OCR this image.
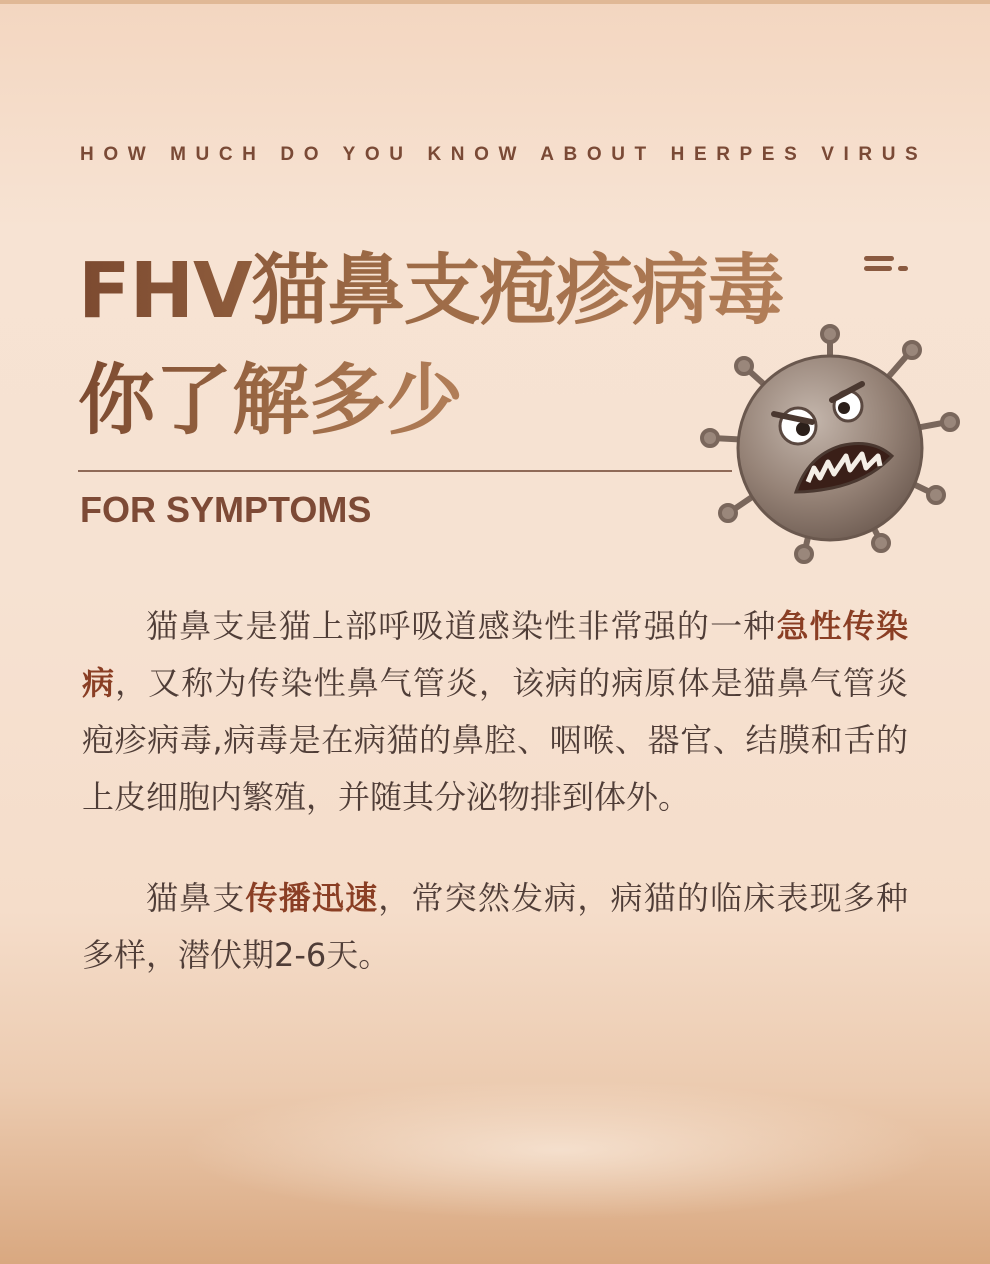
HOW MUCH DO YOU KNOW ABOUT HERPES VIRUS
FHV猫鼻支疱疹病毒
你了解多少
FOR SYMPTOMS

猫鼻支是猫上部呼吸道感染性非常强的一种急性传染病，又称为传染性鼻气管炎，该病的病原体是猫鼻气管炎疱疹病毒,病毒是在病猫的鼻腔、咽喉、器官、结膜和舌的上皮细胞内繁殖，并随其分泌物排到体外。

猫鼻支传播迅速，常突然发病，病猫的临床表现多种多样，潜伏期2-6天。
